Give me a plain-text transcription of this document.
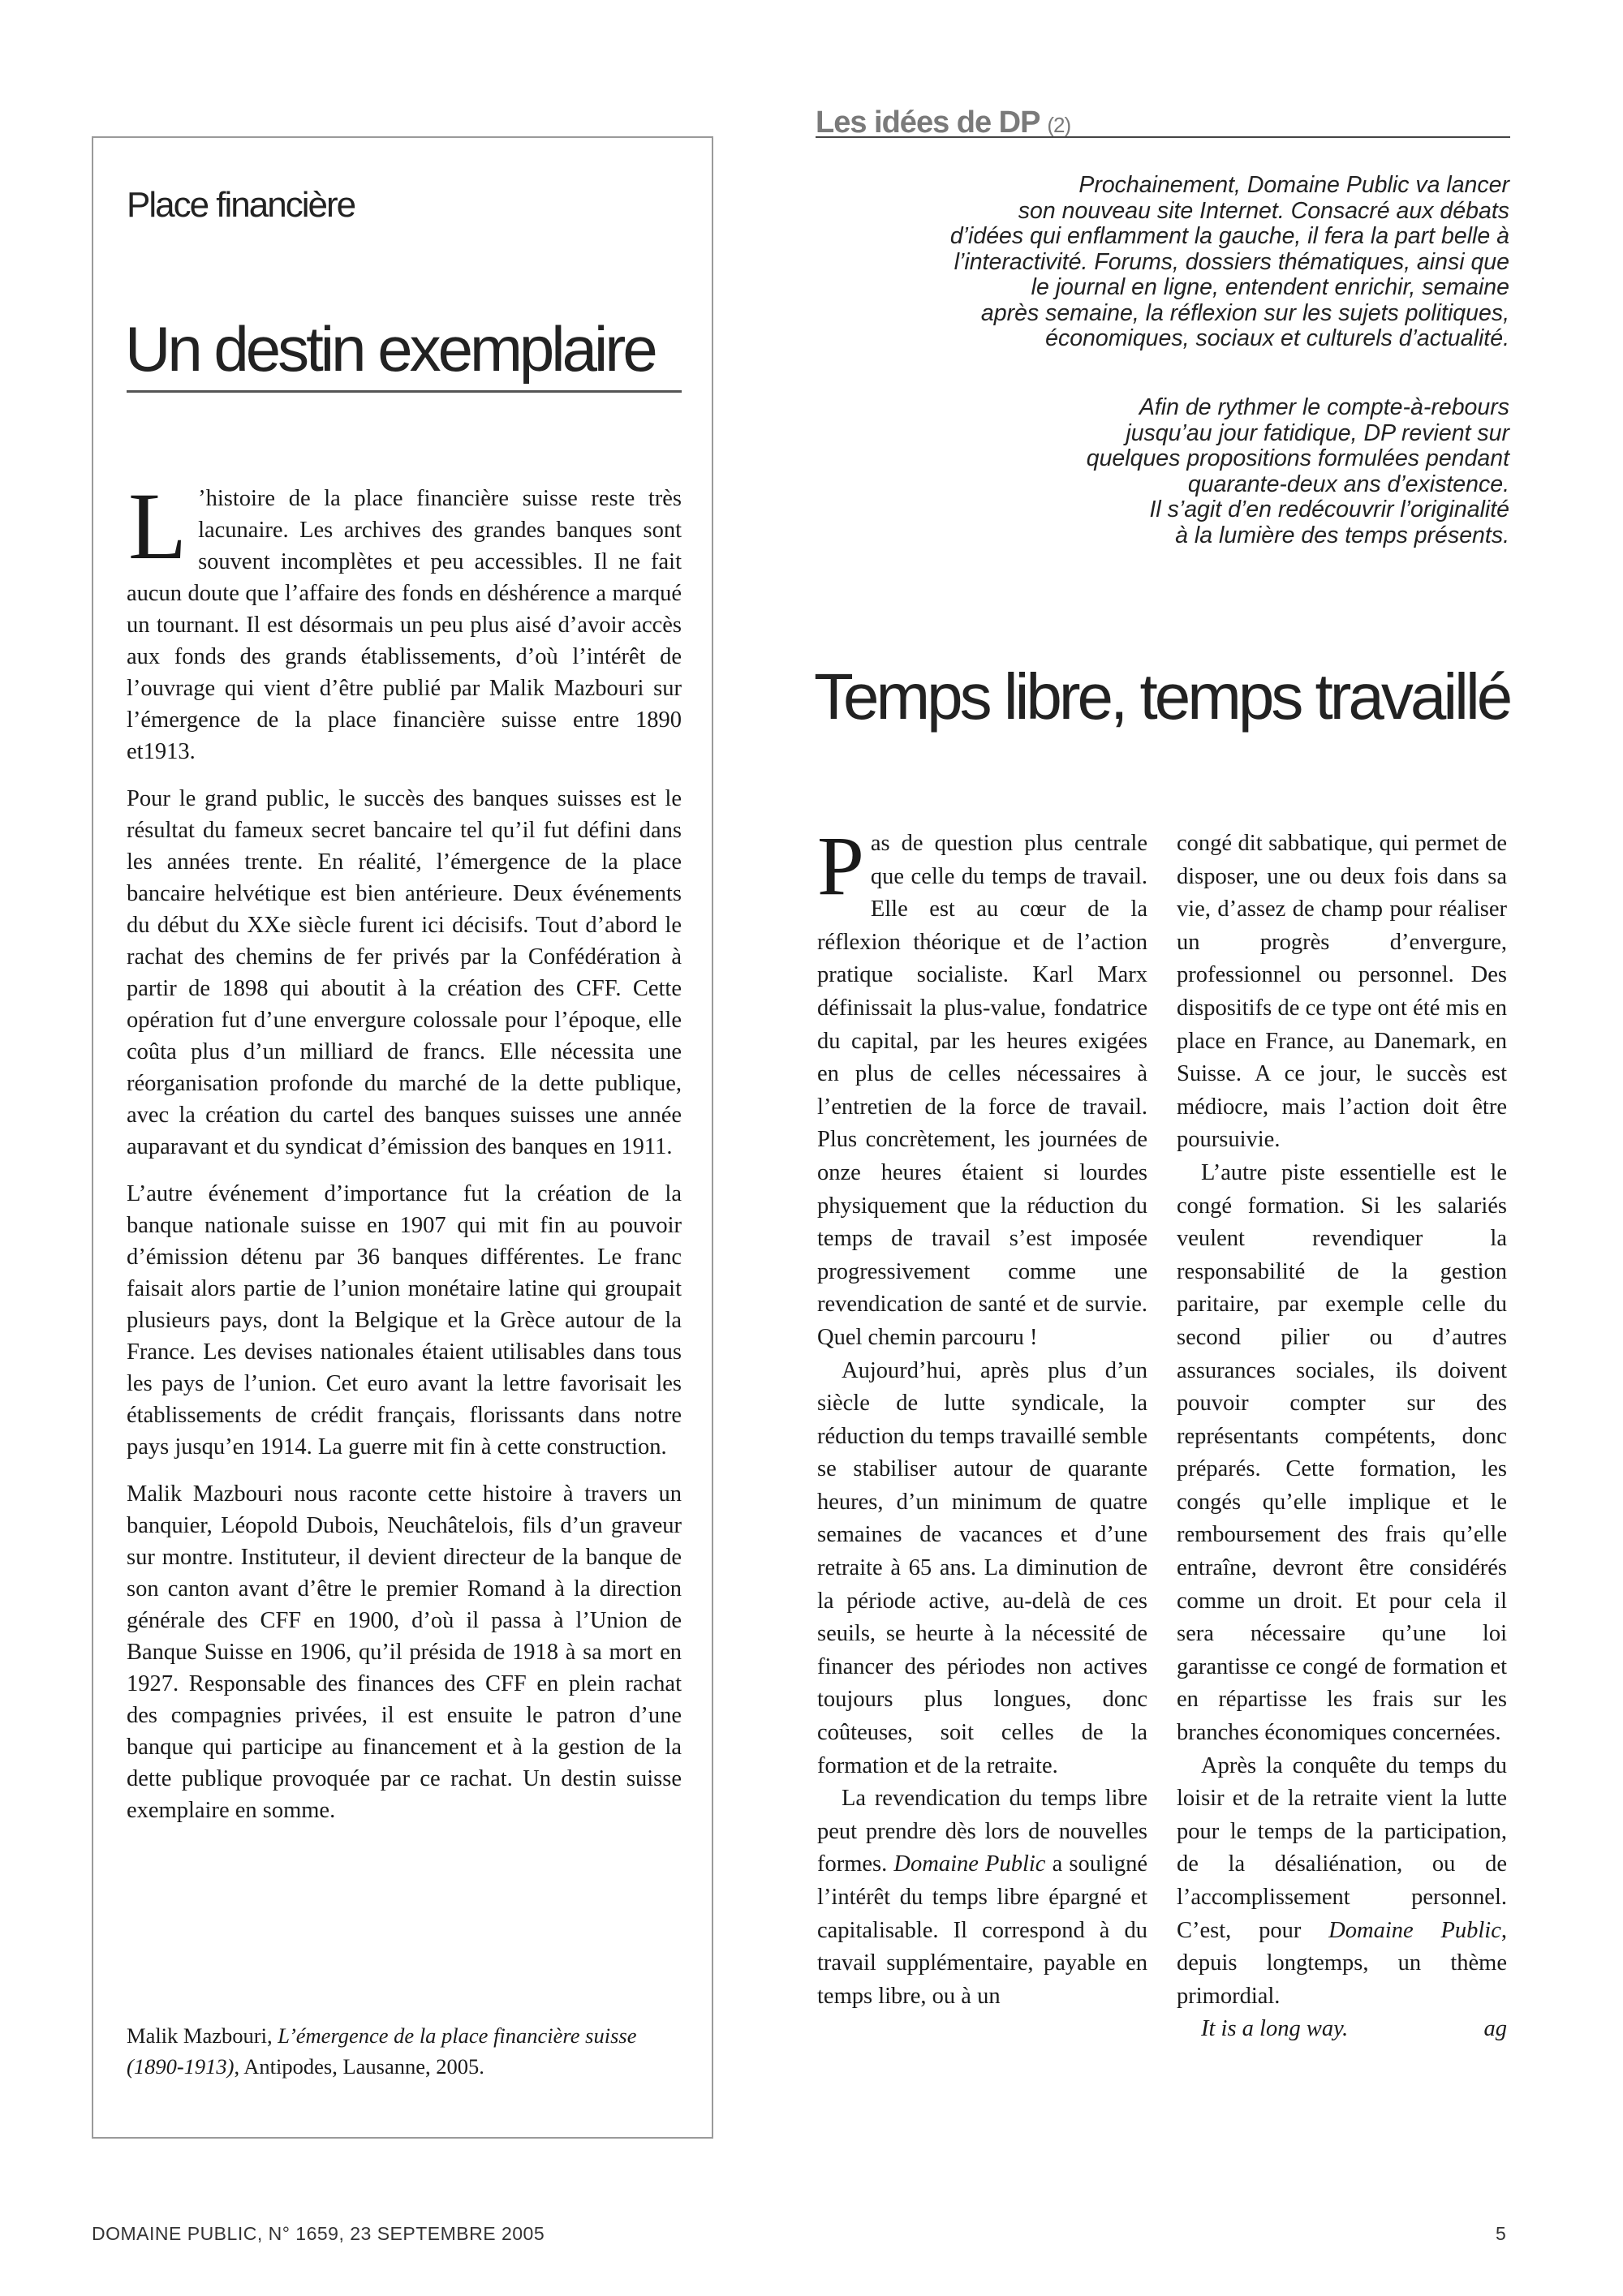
Place financière
Un destin exemplaire

L ’histoire de la place financière suisse reste très lacunaire. Les archives des grandes banques sont souvent incomplètes et peu accessibles. Il ne fait aucun doute que l’affaire des fonds en déshérence a marqué un tournant. Il est désormais un peu plus aisé d’avoir accès aux fonds des grands établissements, d’où l’intérêt de l’ouvrage qui vient d’être publié par Malik Mazbouri sur l’émergence de la place financière suisse entre 1890 et1913.

Pour le grand public, le succès des banques suisses est le résultat du fameux secret bancaire tel qu’il fut défini dans les années trente. En réalité, l’émergence de la place bancaire helvétique est bien antérieure. Deux événements du début du XXe siècle furent ici décisifs. Tout d’abord le rachat des chemins de fer privés par la Confédération à partir de 1898 qui aboutit à la création des CFF. Cette opération fut d’une envergure colossale pour l’époque, elle coûta plus d’un milliard de francs. Elle nécessita une réorganisation profonde du marché de la dette publique, avec la création du cartel des banques suisses une année auparavant et du syndicat d’émission des banques en 1911.

L’autre événement d’importance fut la création de la banque nationale suisse en 1907 qui mit fin au pouvoir d’émission détenu par 36 banques différentes. Le franc faisait alors partie de l’union monétaire latine qui groupait plusieurs pays, dont la Belgique et la Grèce autour de la France. Les devises nationales étaient utilisables dans tous les pays de l’union. Cet euro avant la lettre favorisait les établissements de crédit français, florissants dans notre pays jusqu’en 1914. La guerre mit fin à cette construction.

Malik Mazbouri nous raconte cette histoire à travers un banquier, Léopold Dubois, Neuchâtelois, fils d’un graveur sur montre. Instituteur, il devient directeur de la banque de son canton avant d’être le premier Romand à la direction générale des CFF en 1900, d’où il passa à l’Union de Banque Suisse en 1906, qu’il présida de 1918 à sa mort en 1927. Responsable des finances des CFF en plein rachat des compagnies privées, il est ensuite le patron d’une banque qui participe au financement et à la gestion de la dette publique provoquée par ce rachat. Un destin suisse exemplaire en somme.

Malik Mazbouri, L’émergence de la place financière suisse (1890-1913), Antipodes, Lausanne, 2005.
Les idées de DP (2)
Prochainement, Domaine Public va lancer
son nouveau site Internet. Consacré aux débats
d’idées qui enflamment la gauche, il fera la part belle à
l’interactivité. Forums, dossiers thématiques, ainsi que
le journal en ligne, entendent enrichir, semaine
après semaine, la réflexion sur les sujets politiques,
économiques, sociaux et culturels d’actualité.
Afin de rythmer le compte-à-rebours
jusqu’au jour fatidique, DP revient sur
quelques propositions formulées pendant
quarante-deux ans d’existence.
Il s’agit d’en redécouvrir l’originalité
à la lumière des temps présents.
Temps libre, temps travaillé

Pas de question plus centrale que celle du temps de travail. Elle est au cœur de la réflexion théorique et de l’action pratique socialiste. Karl Marx définissait la plus-value, fondatrice du capital, par les heures exigées en plus de celles nécessaires à l’entretien de la force de travail. Plus concrètement, les journées de onze heures étaient si lourdes physiquement que la réduction du temps de travail s’est imposée progressivement comme une revendication de santé et de survie. Quel chemin parcouru !

Aujourd’hui, après plus d’un siècle de lutte syndicale, la réduction du temps travaillé semble se stabiliser autour de quarante heures, d’un minimum de quatre semaines de vacances et d’une retraite à 65 ans. La diminution de la période active, au-delà de ces seuils, se heurte à la nécessité de financer des périodes non actives toujours plus longues, donc coûteuses, soit celles de la formation et de la retraite.

La revendication du temps libre peut prendre dès lors de nouvelles formes. Domaine Public a souligné l’intérêt du temps libre épargné et capitalisable. Il correspond à du travail supplémentaire, payable en temps libre, ou à un

congé dit sabbatique, qui permet de disposer, une ou deux fois dans sa vie, d’assez de champ pour réaliser un progrès d’envergure, professionnel ou personnel. Des dispositifs de ce type ont été mis en place en France, au Danemark, en Suisse. A ce jour, le succès est médiocre, mais l’action doit être poursuivie.

L’autre piste essentielle est le congé formation. Si les salariés veulent revendiquer la responsabilité de la gestion paritaire, par exemple celle du second pilier ou d’autres assurances sociales, ils doivent pouvoir compter sur des représentants compétents, donc préparés. Cette formation, les congés qu’elle implique et le remboursement des frais qu’elle entraîne, devront être considérés comme un droit. Et pour cela il sera nécessaire qu’une loi garantisse ce congé de formation et en répartisse les frais sur les branches économiques concernées.

Après la conquête du temps du loisir et de la retraite vient la lutte pour le temps de la participation, de la désaliénation, ou de l’accomplissement personnel. C’est, pour Domaine Public, depuis longtemps, un thème primordial.

It is a long way.	ag

DOMAINE PUBLIC, N° 1659, 23 SEPTEMBRE 2005	5
